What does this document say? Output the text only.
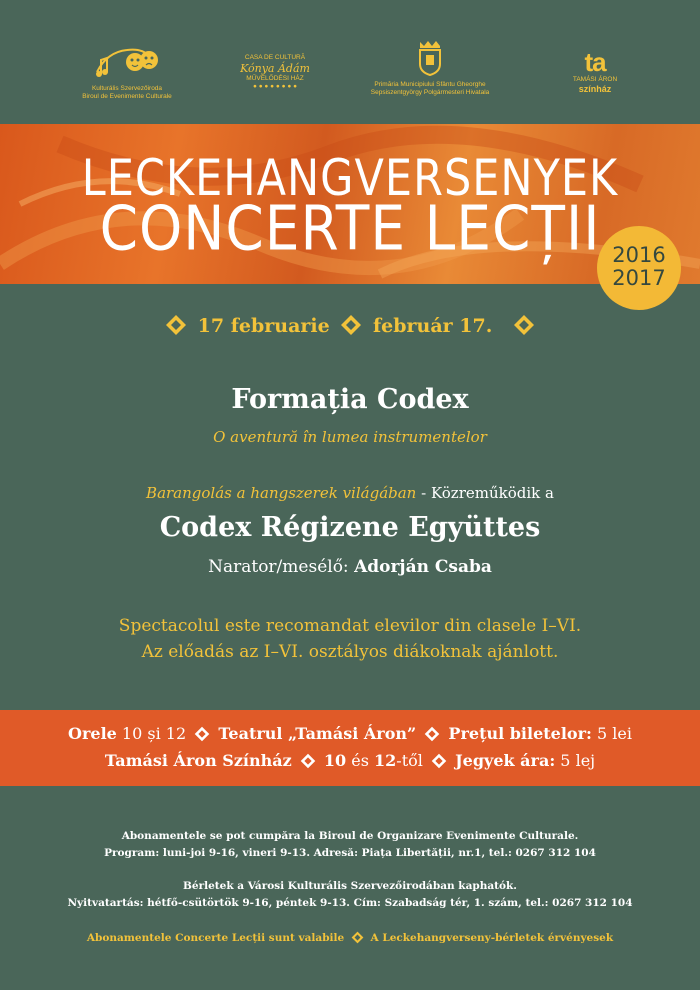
Kulturális Szervezőiroda
Biroul de Evenimente Culturale
CASA DE CULTURĂ
Kónya Ádám
MŰVELŐDÉSI HÁZ
● ● ● ● ● ● ● ●	Primăria Municipiului Sfântu Gheorghe
Sepsiszentgyörgy Polgármesteri Hivatala
ta
TAMÁSI ÁRON
színház
LECKEHANGVERSENYEK
CONCERTE LECȚII 2016
2017
17 februarie február 17.
Formația Codex
O aventură în lumea instrumentelor
Barangolás a hangszerek világában - Közreműködik a
Codex Régizene Együttes
Narator/mesélő: Adorján Csaba
Spectacolul este recomandat elevilor din clasele I–VI.
Az előadás az I–VI. osztályos diákoknak ajánlott.
Orele 10 și 12 Teatrul „Tamási Áron” Prețul biletelor: 5 lei
Tamási Áron Színház 10 és 12-től Jegyek ára: 5 lej
Abonamentele se pot cumpăra la Biroul de Organizare Evenimente Culturale.
Program: luni-joi 9-16, vineri 9-13. Adresă: Piața Libertății, nr.1, tel.: 0267 312 104
Bérletek a Városi Kulturális Szervezőirodában kaphatók.
Nyitvatartás: hétfő-csütörtök 9-16, péntek 9-13. Cím: Szabadság tér, 1. szám, tel.: 0267 312 104
Abonamentele Concerte Lecții sunt valabile	A Leckehangverseny-bérletek érvényesek
